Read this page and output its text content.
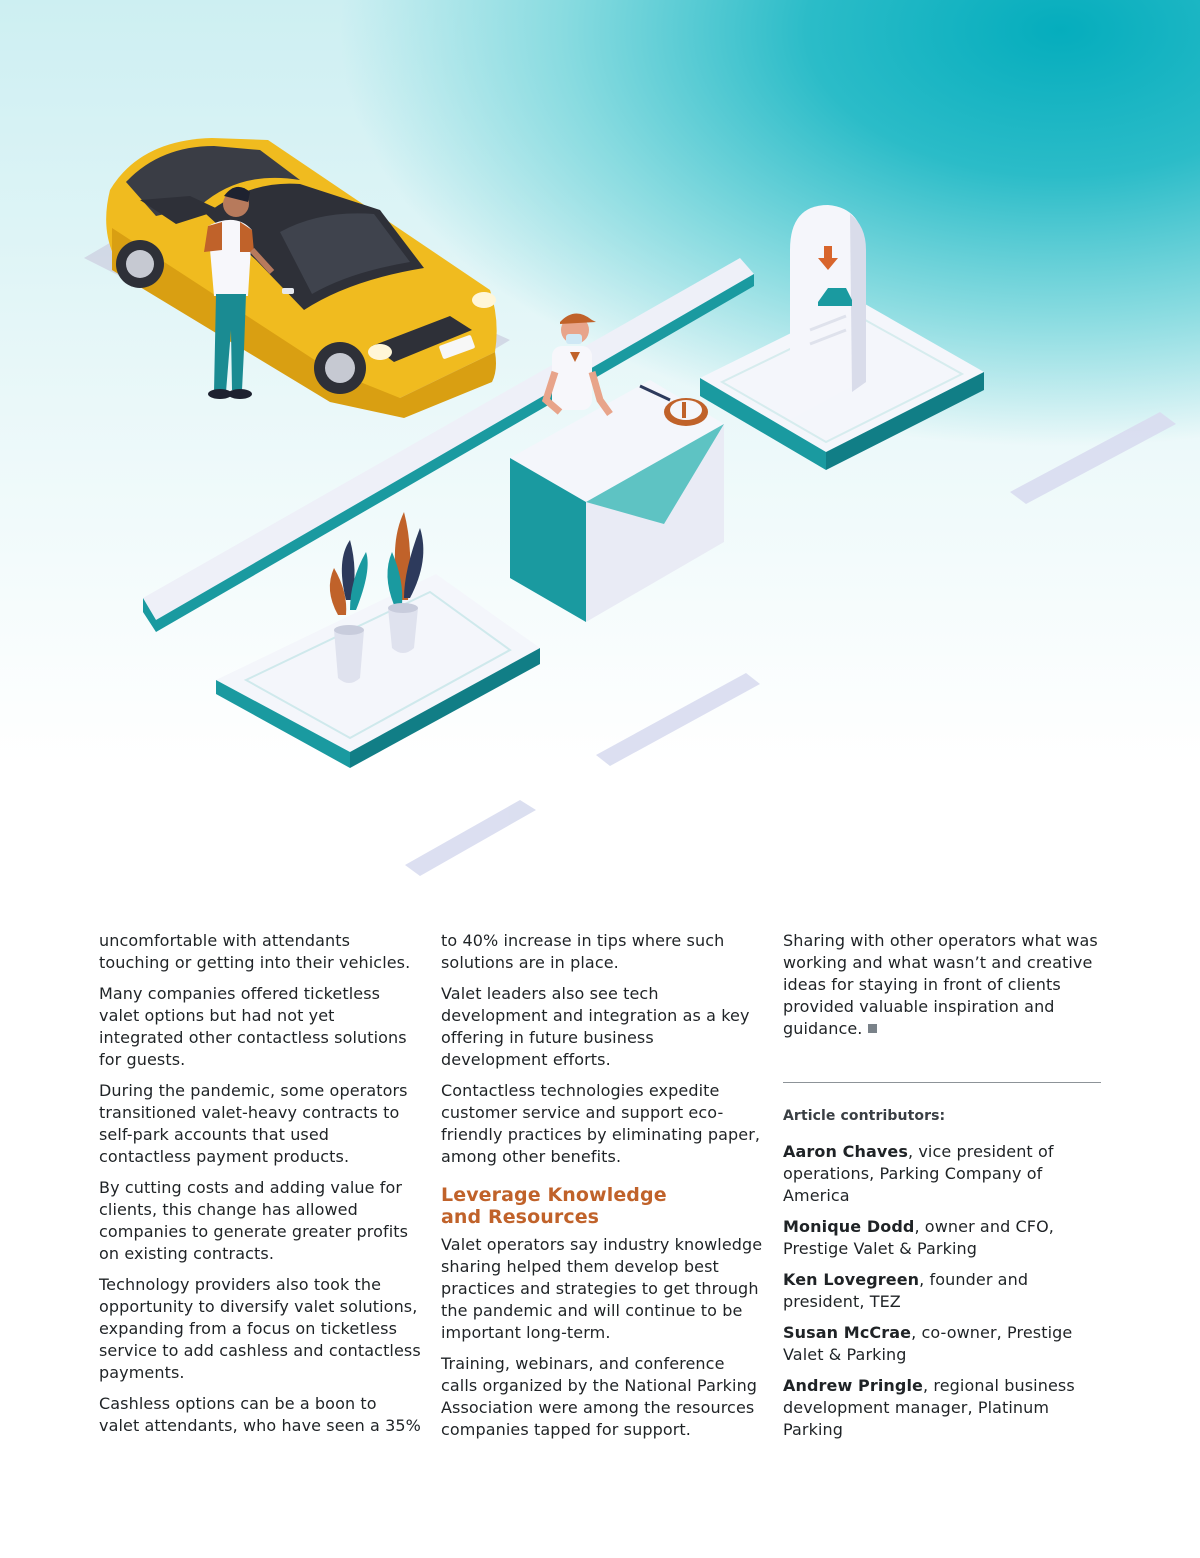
uncomfortable with attendants touching or getting into their vehicles.

Many companies offered ticketless valet options but had not yet integrated other contactless solutions for guests.

During the pandemic, some operators transitioned valet-heavy contracts to self-park accounts that used contactless payment products.

By cutting costs and adding value for clients, this change has allowed companies to generate greater profits on existing contracts.

Technology providers also took the opportunity to diversify valet solutions, expanding from a focus on ticketless service to add cashless and contactless payments.

Cashless options can be a boon to valet attendants, who have seen a 35%

to 40% increase in tips where such solutions are in place.

Valet leaders also see tech development and integration as a key offering in future business development efforts.

Contactless technologies expedite customer service and support eco-friendly practices by eliminating paper, among other benefits.

Leverage Knowledge and Resources

Valet operators say industry knowledge sharing helped them develop best practices and strategies to get through the pandemic and will continue to be important long-term.

Training, webinars, and conference calls organized by the National Parking Association were among the resources companies tapped for support.

Sharing with other operators what was working and what wasn’t and creative ideas for staying in front of clients provided valuable inspiration and guidance.

Article contributors:

Aaron Chaves, vice president of operations, Parking Company of America

Monique Dodd, owner and CFO, Prestige Valet & Parking

Ken Lovegreen, founder and president, TEZ

Susan McCrae, co-owner, Prestige Valet & Parking

Andrew Pringle, regional business development manager, Platinum Parking
